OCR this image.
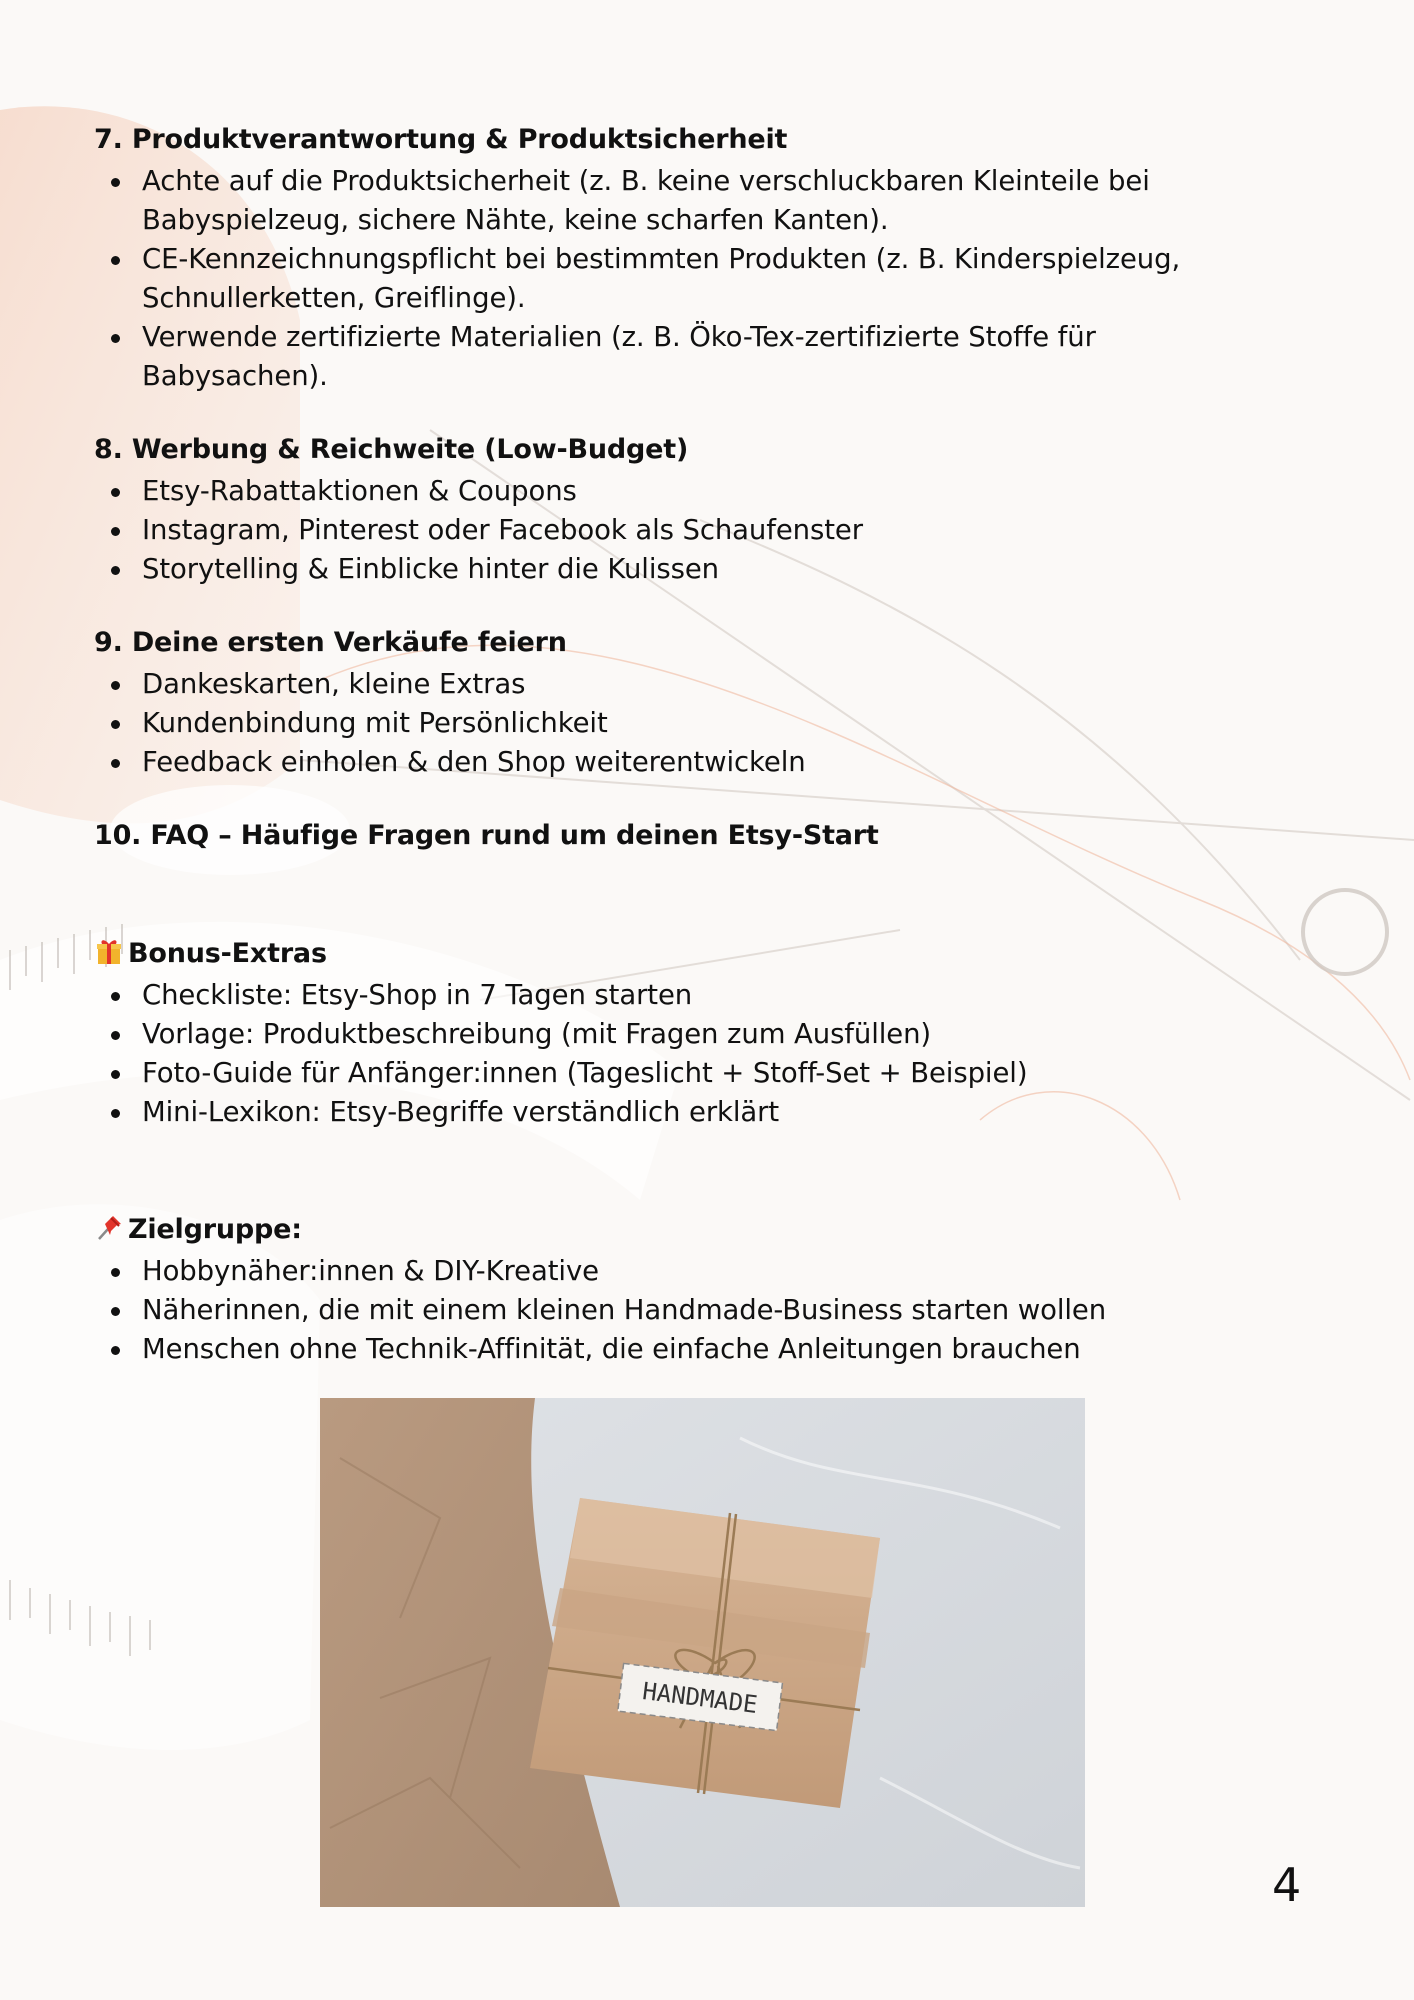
7. Produktverantwortung & Produktsicherheit
Achte auf die Produktsicherheit (z. B. keine verschluckbaren Kleinteile bei Babyspielzeug, sichere Nähte, keine scharfen Kanten).
CE-Kennzeichnungspflicht bei bestimmten Produkten (z. B. Kinderspielzeug, Schnullerketten, Greiflinge).
Verwende zertifizierte Materialien (z. B. Öko-Tex-zertifizierte Stoffe für Babysachen).
8. Werbung & Reichweite (Low-Budget)
Etsy-Rabattaktionen & Coupons
Instagram, Pinterest oder Facebook als Schaufenster
Storytelling & Einblicke hinter die Kulissen
9. Deine ersten Verkäufe feiern
Dankeskarten, kleine Extras
Kundenbindung mit Persönlichkeit
Feedback einholen & den Shop weiterentwickeln
10. FAQ – Häufige Fragen rund um deinen Etsy-Start
Bonus-Extras
Checkliste: Etsy-Shop in 7 Tagen starten
Vorlage: Produktbeschreibung (mit Fragen zum Ausfüllen)
Foto-Guide für Anfänger:innen (Tageslicht + Stoff-Set + Beispiel)
Mini-Lexikon: Etsy-Begriffe verständlich erklärt
Zielgruppe:
Hobbynäher:innen & DIY-Kreative
Näherinnen, die mit einem kleinen Handmade-Business starten wollen
Menschen ohne Technik-Affinität, die einfache Anleitungen brauchen
HANDMADE
4
